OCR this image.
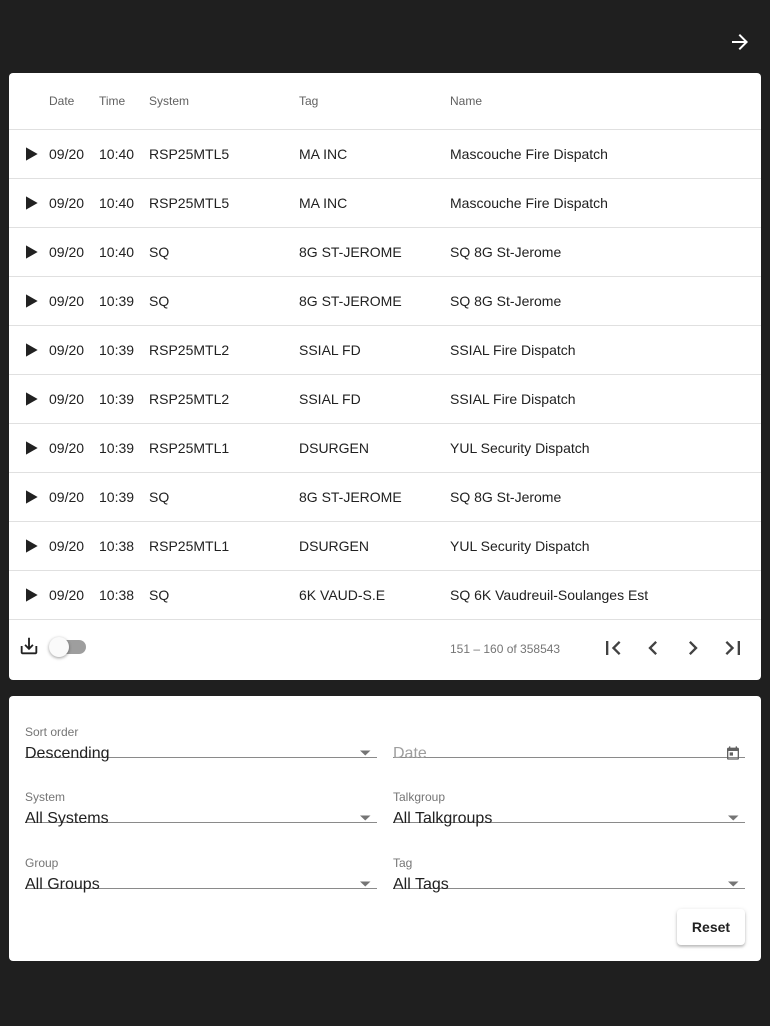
Date Time System	Tag	Name
09/20 10:40 RSP25MTL5	MA INC	Mascouche Fire Dispatch
09/20 10:40 RSP25MTL5	MA INC	Mascouche Fire Dispatch
09/20 10:40 SQ	8G ST-JEROME	SQ 8G St-Jerome
09/20 10:39 SQ	8G ST-JEROME	SQ 8G St-Jerome
09/20 10:39 RSP25MTL2	SSIAL FD	SSIAL Fire Dispatch
09/20 10:39 RSP25MTL2	SSIAL FD	SSIAL Fire Dispatch
09/20 10:39 RSP25MTL1	DSURGEN	YUL Security Dispatch
09/20 10:39 SQ	8G ST-JEROME	SQ 8G St-Jerome
09/20 10:38 RSP25MTL1	DSURGEN	YUL Security Dispatch
09/20 10:38 SQ	6K VAUD-S.E	SQ 6K Vaudreuil-Soulanges Est
151 – 160 of 358543
Sort order
Descending	Date
System
All Systems
Talkgroup
All Talkgroups
Group
All Groups
Tag
All Tags
Reset
